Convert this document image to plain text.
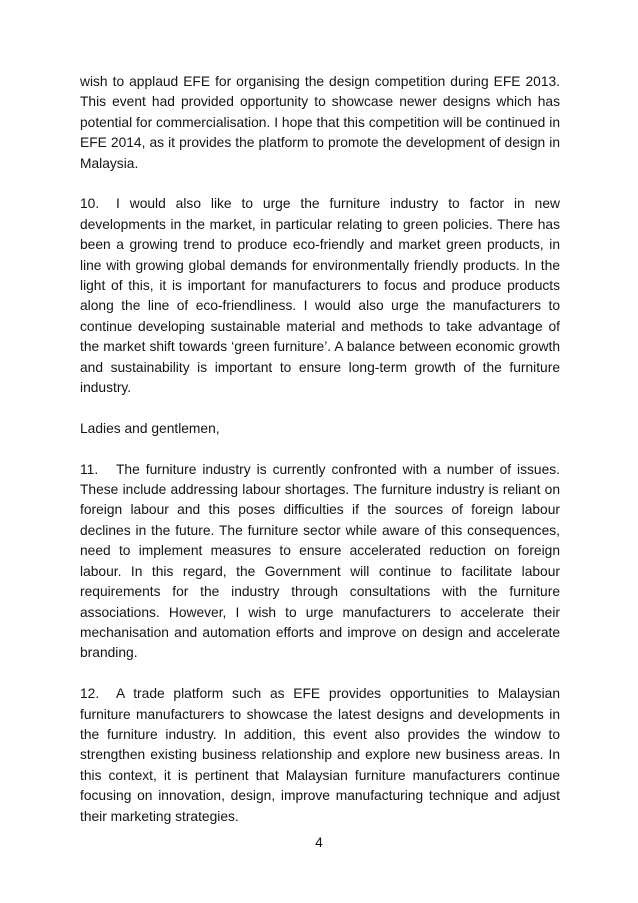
wish to applaud EFE for organising the design competition during EFE 2013. This event had provided opportunity to showcase newer designs which has potential for commercialisation. I hope that this competition will be continued in EFE 2014, as it provides the platform to promote the development of design in Malaysia.

10. I would also like to urge the furniture industry to factor in new developments in the market, in particular relating to green policies. There has been a growing trend to produce eco-friendly and market green products, in line with growing global demands for environmentally friendly products. In the light of this, it is important for manufacturers to focus and produce products along the line of eco-friendliness. I would also urge the manufacturers to continue developing sustainable material and methods to take advantage of the market shift towards ‘green furniture’. A balance between economic growth and sustainability is important to ensure long-term growth of the furniture industry.

Ladies and gentlemen,

11. The furniture industry is currently confronted with a number of issues. These include addressing labour shortages. The furniture industry is reliant on foreign labour and this poses difficulties if the sources of foreign labour declines in the future. The furniture sector while aware of this consequences, need to implement measures to ensure accelerated reduction on foreign labour. In this regard, the Government will continue to facilitate labour requirements for the industry through consultations with the furniture associations. However, I wish to urge manufacturers to accelerate their mechanisation and automation efforts and improve on design and accelerate branding.

12. A trade platform such as EFE provides opportunities to Malaysian furniture manufacturers to showcase the latest designs and developments in the furniture industry. In addition, this event also provides the window to strengthen existing business relationship and explore new business areas. In this context, it is pertinent that Malaysian furniture manufacturers continue focusing on innovation, design, improve manufacturing technique and adjust their marketing strategies.

4
